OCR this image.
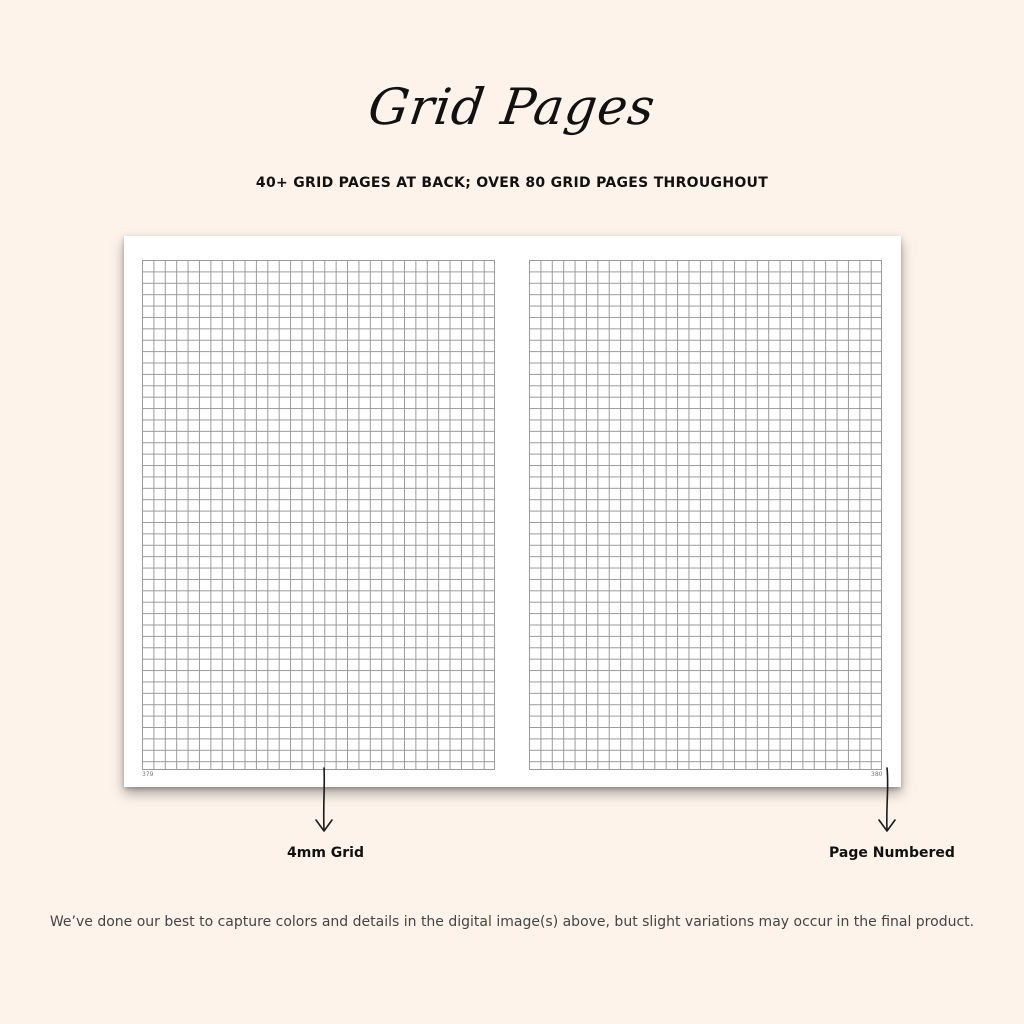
Grid Pages
40+ GRID PAGES AT BACK; OVER 80 GRID PAGES THROUGHOUT
379	380
4mm Grid	Page Numbered
We’ve done our best to capture colors and details in the digital image(s) above, but slight variations may occur in the final product.
